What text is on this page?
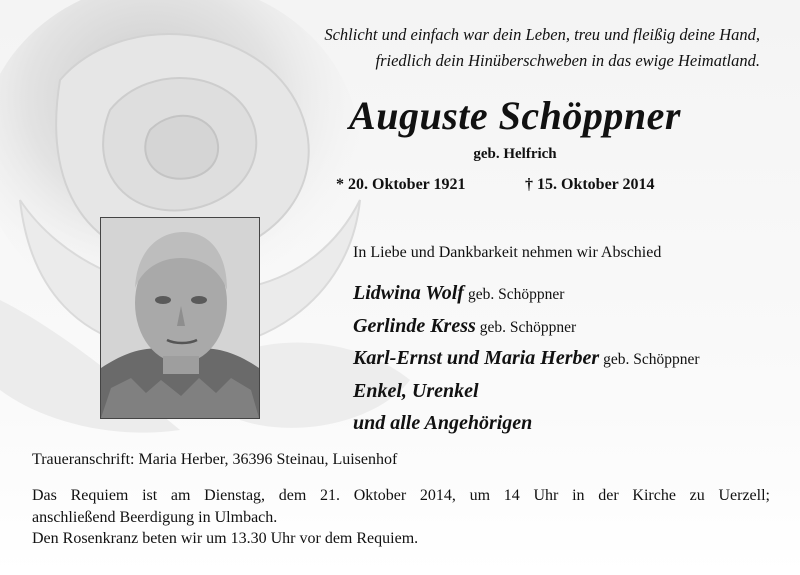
Schlicht und einfach war dein Leben, treu und fleißig deine Hand,
friedlich dein Hinüberschweben in das ewige Heimatland.
Auguste Schöppner
geb. Helfrich
* 20. Oktober 1921	† 15. Oktober 2014
In Liebe und Dankbarkeit nehmen wir Abschied
Lidwina Wolf geb. Schöppner
Gerlinde Kress geb. Schöppner
Karl-Ernst und Maria Herber geb. Schöppner
Enkel, Urenkel
und alle Angehörigen
Traueranschrift: Maria Herber, 36396 Steinau, Luisenhof
Das Requiem ist am Dienstag, dem 21. Oktober 2014, um 14 Uhr in der Kirche zu Uerzell;
anschließend Beerdigung in Ulmbach.
Den Rosenkranz beten wir um 13.30 Uhr vor dem Requiem.
